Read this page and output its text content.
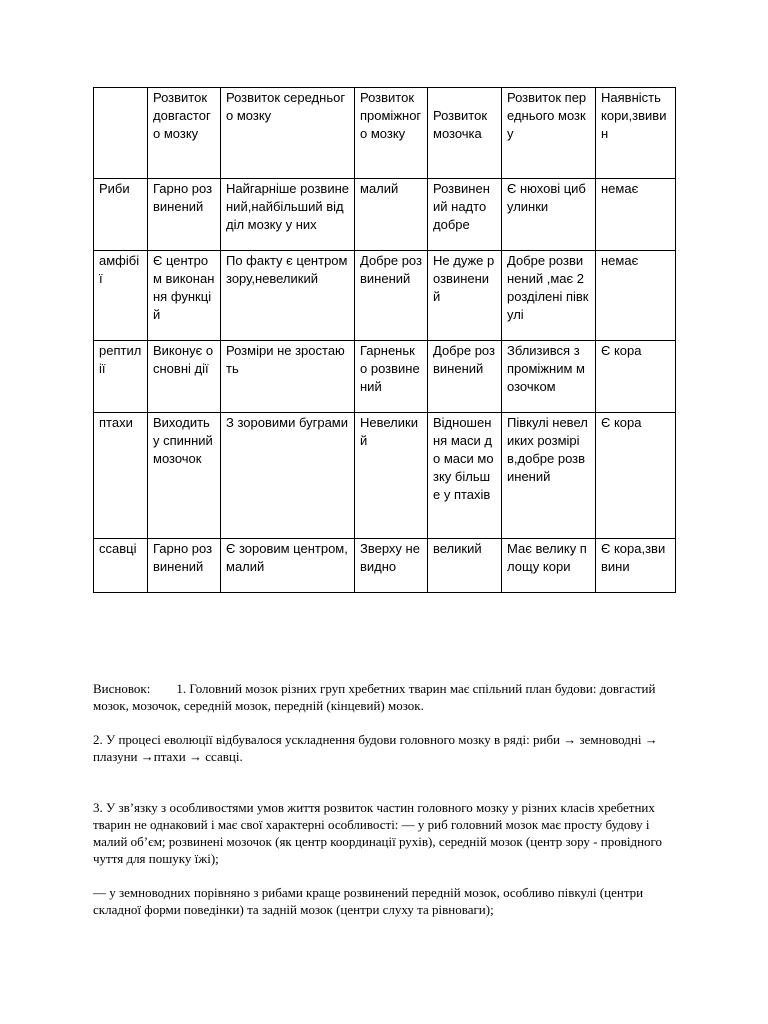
	Розвиток довгастого мозку	Розвиток середнього мозку	Розвиток проміжного мозку	Розвиток мозочка	Розвиток переднього мозку	Наявність кори,звивин
Риби	Гарно розвинений	Найгарніше розвинений,найбільший відділ мозку у них	малий	Розвинений надто добре	Є нюхові цибулинки	немає
амфібії	Є центром виконання функцій	По факту є центром зору,невеликий	Добре розвинений	Не дуже розвинений	Добре розвинений ,має 2 розділені півкулі	немає
рептилії	Виконує основні дії	Розміри не зростають	Гарненько розвинений	Добре розвинений	Зблизився з проміжним мозочком	Є кора
птахи	Виходить у спинний мозочок	З зоровими буграми	Невеликий	Відношення маси до маси мозку більше у птахів	Півкулі невеликих розмірів,добре розвинений	Є кора
ссавці	Гарно розвинений	Є зоровим центром,малий	Зверху не видно	великий	Має велику площу кори	Є кора,звивини

Висновок: 1. Головний мозок різних груп хребетних тварин має спільний план будови: довгастий мозок, мозочок, середній мозок, передній (кінцевий) мозок.

2. У процесі еволюції відбувалося ускладнення будови головного мозку в ряді: риби → земноводні → плазуни →птахи → ссавці.

3. У зв’язку з особливостями умов життя розвиток частин головного мозку у різних класів хребетних тварин не однаковий і має свої характерні особливості: — у риб головний мозок має просту будову і малий об’єм; розвинені мозочок (як центр координації рухів), середній мозок (центр зору - провідного чуття для пошуку їжі);

— у земноводних порівняно з рибами краще розвинений передній мозок, особливо півкулі (центри складної форми поведінки) та задній мозок (центри слуху та рівноваги);
